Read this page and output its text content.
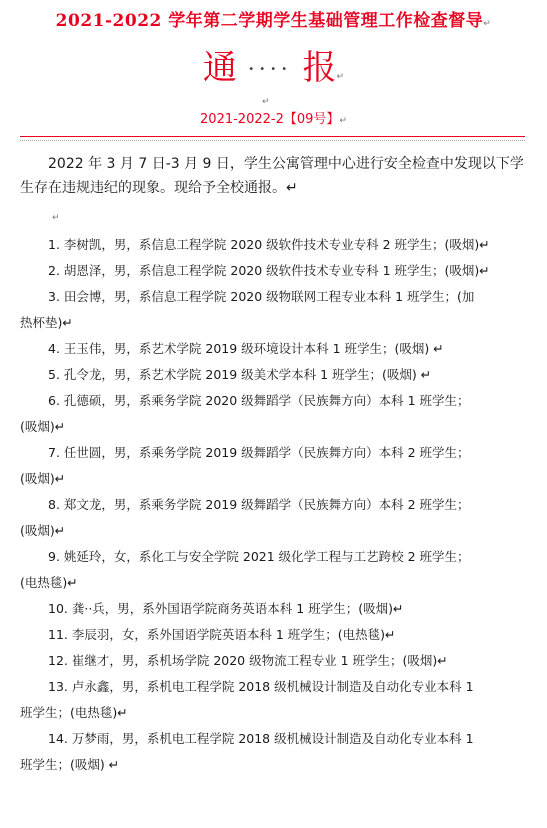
2021-2022 学年第二学期学生基础管理工作检查督导↵
通 ···· 报↵
↵
2021-2022-2【09号】↵
2022 年 3 月 7 日-3 月 9 日，学生公寓管理中心进行安全检查中发现以下学生存在违规违纪的现象。现给予全校通报。↵
↵
1. 李树凯，男，系信息工程学院 2020 级软件技术专业专科 2 班学生；(吸烟)↵
2. 胡恩泽，男，系信息工程学院 2020 级软件技术专业专科 1 班学生；(吸烟)↵
3. 田会博，男，系信息工程学院 2020 级物联网工程专业本科 1 班学生；(加
热杯垫)↵
4. 王玉伟，男，系艺术学院 2019 级环境设计本科 1 班学生；(吸烟) ↵
5. 孔令龙，男，系艺术学院 2019 级美术学本科 1 班学生；(吸烟) ↵
6. 孔德硕，男，系乘务学院 2020 级舞蹈学（民族舞方向）本科 1 班学生；
(吸烟)↵
7. 任世圆，男，系乘务学院 2019 级舞蹈学（民族舞方向）本科 2 班学生；
(吸烟)↵
8. 郑文龙，男，系乘务学院 2019 级舞蹈学（民族舞方向）本科 2 班学生；
(吸烟)↵
9. 姚延玲，女，系化工与安全学院 2021 级化学工程与工艺跨校 2 班学生；
(电热毯)↵
10. 龚··兵，男，系外国语学院商务英语本科 1 班学生；(吸烟)↵
11. 李辰羽，女，系外国语学院英语本科 1 班学生；(电热毯)↵
12. 崔继才，男，系机场学院 2020 级物流工程专业 1 班学生；(吸烟)↵
13. 卢永鑫，男，系机电工程学院 2018 级机械设计制造及自动化专业本科 1
班学生；(电热毯)↵
14. 万梦雨，男，系机电工程学院 2018 级机械设计制造及自动化专业本科 1
班学生；(吸烟) ↵
